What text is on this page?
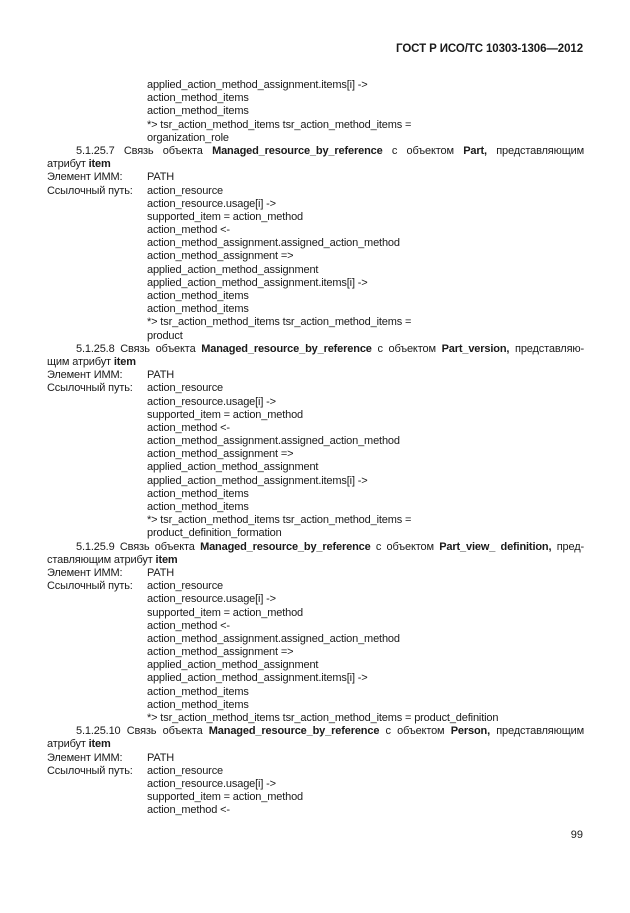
ГОСТ Р ИСО/ТС 10303-1306—2012
applied_action_method_assignment.items[i] ->
action_method_items
action_method_items
*> tsr_action_method_items tsr_action_method_items =
organization_role
5.1.25.7 Связь объекта Managed_resource_by_reference с объектом Part, представляющим
атрибут item
Элемент ИММ:	PATH
Ссылочный путь:	action_resource
action_resource.usage[i] ->
supported_item = action_method
action_method <-
action_method_assignment.assigned_action_method
action_method_assignment =>
applied_action_method_assignment
applied_action_method_assignment.items[i] ->
action_method_items
action_method_items
*> tsr_action_method_items tsr_action_method_items =
product
5.1.25.8 Связь объекта Managed_resource_by_reference с объектом Part_version, представляю-
щим атрибут item
Элемент ИММ:	PATH
Ссылочный путь:	action_resource
action_resource.usage[i] ->
supported_item = action_method
action_method <-
action_method_assignment.assigned_action_method
action_method_assignment =>
applied_action_method_assignment
applied_action_method_assignment.items[i] ->
action_method_items
action_method_items
*> tsr_action_method_items tsr_action_method_items =
product_definition_formation
5.1.25.9 Связь объекта Managed_resource_by_reference с объектом Part_view_ definition, пред-
ставляющим атрибут item
Элемент ИММ:	PATH
Ссылочный путь:	action_resource
action_resource.usage[i] ->
supported_item = action_method
action_method <-
action_method_assignment.assigned_action_method
action_method_assignment =>
applied_action_method_assignment
applied_action_method_assignment.items[i] ->
action_method_items
action_method_items
*> tsr_action_method_items tsr_action_method_items = product_definition
5.1.25.10 Связь объекта Managed_resource_by_reference с объектом Person, представляющим
атрибут item
Элемент ИММ:	PATH
Ссылочный путь:	action_resource
action_resource.usage[i] ->
supported_item = action_method
action_method <-
99
